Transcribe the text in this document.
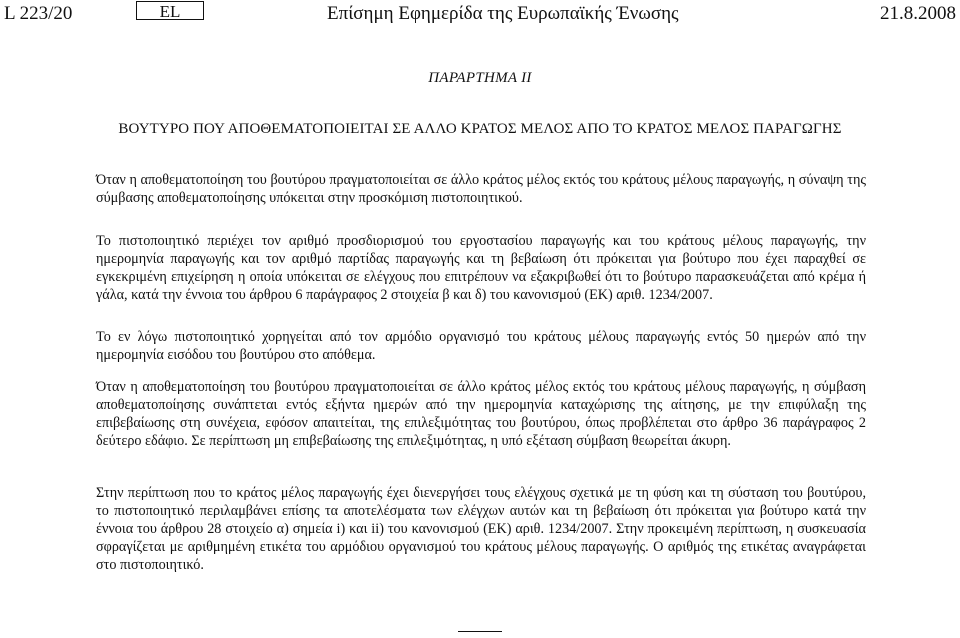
L 223/20	EL	Επίσημη Εφημερίδα της Ευρωπαϊκής Ένωσης	21.8.2008
ΠΑΡΑΡΤΗΜΑ II
ΒΟΥΤΥΡΟ ΠΟΥ ΑΠΟΘΕΜΑΤΟΠΟΙΕΙΤΑΙ ΣΕ ΑΛΛΟ ΚΡΑΤΟΣ ΜΕΛΟΣ ΑΠΟ ΤΟ ΚΡΑΤΟΣ ΜΕΛΟΣ ΠΑΡΑΓΩΓΗΣ

Όταν η αποθεματοποίηση του βουτύρου πραγματοποιείται σε άλλο κράτος μέλος εκτός του κράτους μέλους παραγωγής, η σύναψη της σύμβασης αποθεματοποίησης υπόκειται στην προσκόμιση πιστοποιητικού.

Το πιστοποιητικό περιέχει τον αριθμό προσδιορισμού του εργοστασίου παραγωγής και του κράτους μέλους παραγωγής, την ημερομηνία παραγωγής και τον αριθμό παρτίδας παραγωγής και τη βεβαίωση ότι πρόκειται για βούτυρο που έχει παραχθεί σε εγκεκριμένη επιχείρηση η οποία υπόκειται σε ελέγχους που επιτρέπουν να εξακριβωθεί ότι το βούτυρο παρασκευάζεται από κρέμα ή γάλα, κατά την έννοια του άρθρου 6 παράγραφος 2 στοιχεία β και δ) του κανονισμού (ΕΚ) αριθ. 1234/2007.

Το εν λόγω πιστοποιητικό χορηγείται από τον αρμόδιο οργανισμό του κράτους μέλους παραγωγής εντός 50 ημερών από την ημερομηνία εισόδου του βουτύρου στο απόθεμα.

Όταν η αποθεματοποίηση του βουτύρου πραγματοποιείται σε άλλο κράτος μέλος εκτός του κράτους μέλους παραγωγής, η σύμβαση αποθεματοποίησης συνάπτεται εντός εξήντα ημερών από την ημερομηνία καταχώρισης της αίτησης, με την επιφύλαξη της επιβεβαίωσης στη συνέχεια, εφόσον απαιτείται, της επιλεξιμότητας του βουτύρου, όπως προβλέπεται στο άρθρο 36 παράγραφος 2 δεύτερο εδάφιο. Σε περίπτωση μη επιβεβαίωσης της επιλεξιμότητας, η υπό εξέταση σύμβαση θεωρείται άκυρη.

Στην περίπτωση που το κράτος μέλος παραγωγής έχει διενεργήσει τους ελέγχους σχετικά με τη φύση και τη σύσταση του βουτύρου, το πιστοποιητικό περιλαμβάνει επίσης τα αποτελέσματα των ελέγχων αυτών και τη βεβαίωση ότι πρόκειται για βούτυρο κατά την έννοια του άρθρου 28 στοιχείο α) σημεία i) και ii) του κανονισμού (ΕΚ) αριθ. 1234/2007. Στην προκειμένη περίπτωση, η συσκευασία σφραγίζεται με αριθμημένη ετικέτα του αρμόδιου οργανισμού του κράτους μέλους παραγωγής. Ο αριθμός της ετικέτας αναγράφεται στο πιστοποιητικό.
